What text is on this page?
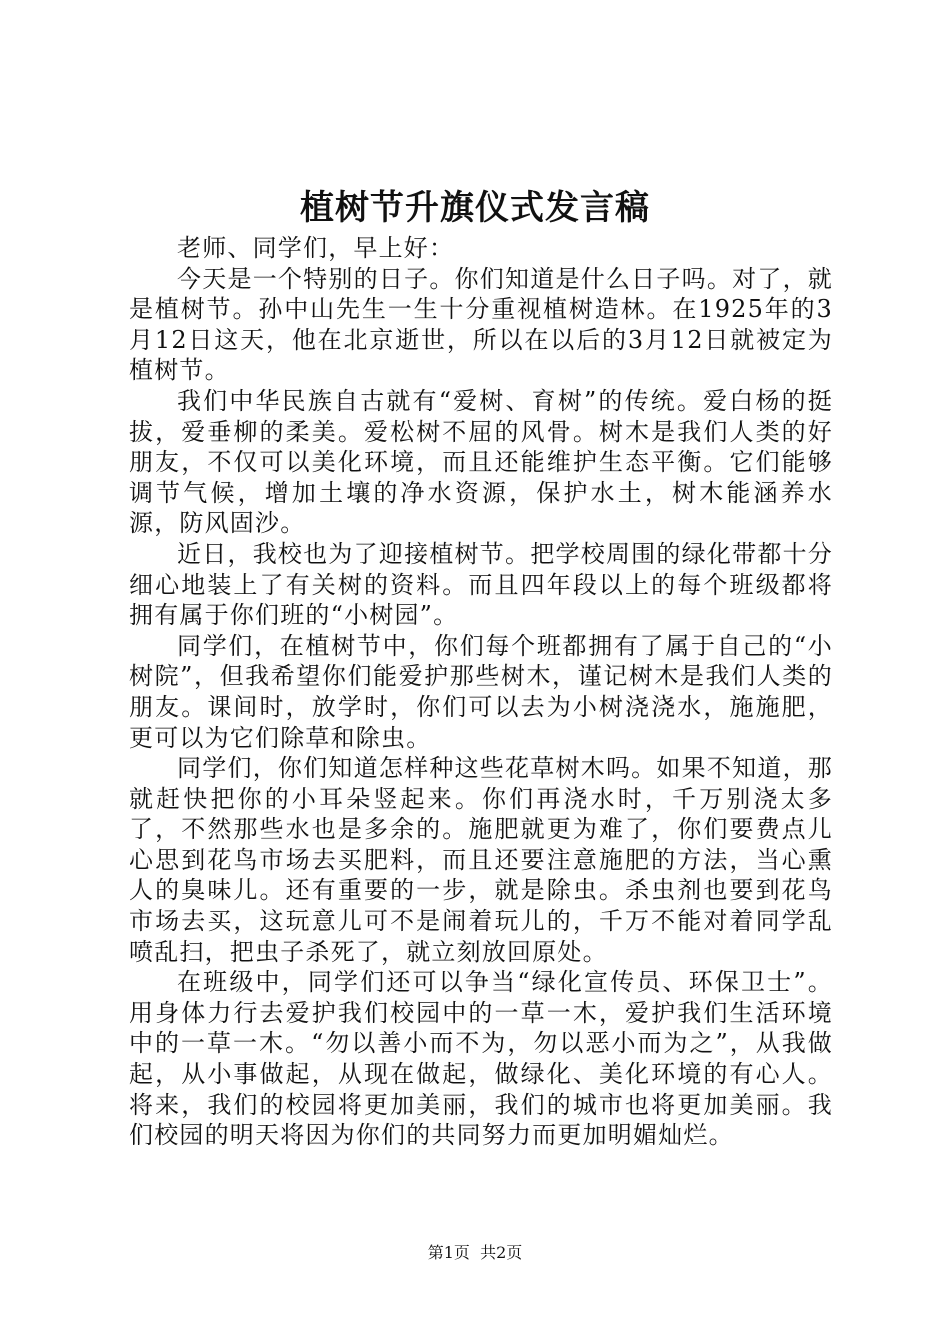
植树节升旗仪式发言稿

老师、同学们，早上好：

今天是一个特别的日子。你们知道是什么日子吗。对了，就是植树节。孙中山先生一生十分重视植树造林。在1925年的3月12日这天，他在北京逝世，所以在以后的3月12日就被定为植树节。

我们中华民族自古就有“爱树、育树”的传统。爱白杨的挺拔，爱垂柳的柔美。爱松树不屈的风骨。树木是我们人类的好朋友，不仅可以美化环境，而且还能维护生态平衡。它们能够调节气候，增加土壤的净水资源，保护水土，树木能涵养水源，防风固沙。

近日，我校也为了迎接植树节。把学校周围的绿化带都十分细心地装上了有关树的资料。而且四年段以上的每个班级都将拥有属于你们班的“小树园”。

同学们，在植树节中，你们每个班都拥有了属于自己的“小树院”，但我希望你们能爱护那些树木，谨记树木是我们人类的朋友。课间时，放学时，你们可以去为小树浇浇水，施施肥，更可以为它们除草和除虫。

同学们，你们知道怎样种这些花草树木吗。如果不知道，那就赶快把你的小耳朵竖起来。你们再浇水时，千万别浇太多了，不然那些水也是多余的。施肥就更为难了，你们要费点儿心思到花鸟市场去买肥料，而且还要注意施肥的方法，当心熏人的臭味儿。还有重要的一步，就是除虫。杀虫剂也要到花鸟市场去买，这玩意儿可不是闹着玩儿的，千万不能对着同学乱喷乱扫，把虫子杀死了，就立刻放回原处。

在班级中，同学们还可以争当“绿化宣传员、环保卫士”。用身体力行去爱护我们校园中的一草一木，爱护我们生活环境中的一草一木。“勿以善小而不为，勿以恶小而为之”，从我做起，从小事做起，从现在做起，做绿化、美化环境的有心人。将来，我们的校园将更加美丽，我们的城市也将更加美丽。我们校园的明天将因为你们的共同努力而更加明媚灿烂。

第1页  共2页
